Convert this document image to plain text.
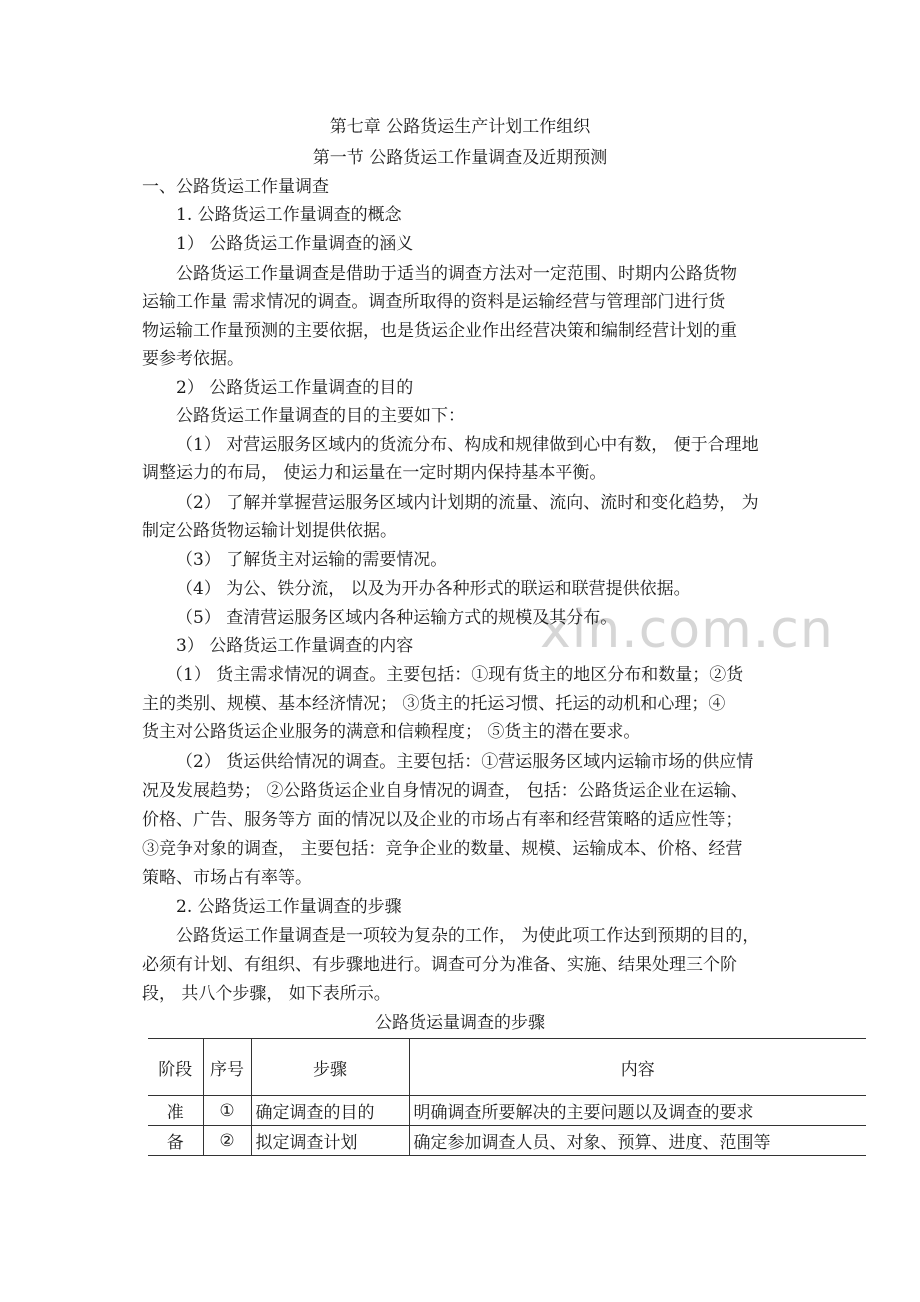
xin.com.cn
第七章 公路货运生产计划工作组织
第一节 公路货运工作量调查及近期预测
一、公路货运工作量调查
1. 公路货运工作量调查的概念
1） 公路货运工作量调查的涵义
公路货运工作量调查是借助于适当的调查方法对一定范围、时期内公路货物
运输工作量 需求情况的调查。调查所取得的资料是运输经营与管理部门进行货
物运输工作量预测的主要依据，也是货运企业作出经营决策和编制经营计划的重
要参考依据。
2） 公路货运工作量调查的目的
公路货运工作量调查的目的主要如下：
（1） 对营运服务区域内的货流分布、构成和规律做到心中有数， 便于合理地
调整运力的布局， 使运力和运量在一定时期内保持基本平衡。
（2） 了解并掌握营运服务区域内计划期的流量、流向、流时和变化趋势， 为
制定公路货物运输计划提供依据。
（3） 了解货主对运输的需要情况。
（4） 为公、铁分流， 以及为开办各种形式的联运和联营提供依据。
（5） 查清营运服务区域内各种运输方式的规模及其分布。
3） 公路货运工作量调查的内容
（1） 货主需求情况的调查。主要包括：①现有货主的地区分布和数量；②货
主的类别、规模、基本经济情况； ③货主的托运习惯、托运的动机和心理；④
货主对公路货运企业服务的满意和信赖程度； ⑤货主的潜在要求。
（2） 货运供给情况的调查。主要包括：①营运服务区域内运输市场的供应情
况及发展趋势； ②公路货运企业自身情况的调查， 包括：公路货运企业在运输、
价格、广告、服务等方 面的情况以及企业的市场占有率和经营策略的适应性等；
③竞争对象的调查， 主要包括：竞争企业的数量、规模、运输成本、价格、经营
策略、市场占有率等。
2. 公路货运工作量调查的步骤
公路货运工作量调查是一项较为复杂的工作， 为使此项工作达到预期的目的，
必须有计划、有组织、有步骤地进行。调查可分为准备、实施、结果处理三个阶
段， 共八个步骤， 如下表所示。
公路货运量调查的步骤
阶段	序号	步骤	内容
准	①	确定调查的目的	明确调查所要解决的主要问题以及调查的要求
备	②	拟定调查计划	确定参加调查人员、对象、预算、进度、范围等
